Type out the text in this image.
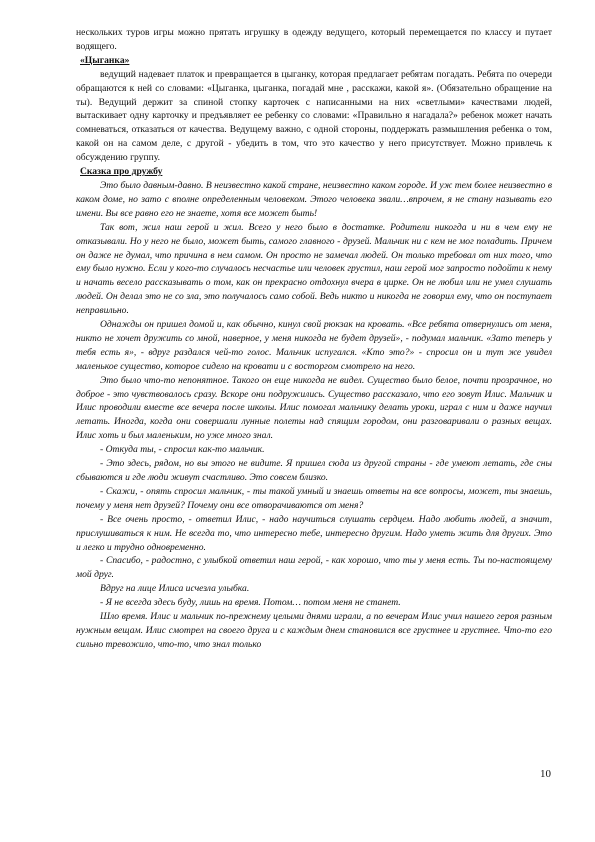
нескольких туров игры можно прятать игрушку в одежду ведущего, который перемещается по классу и путает водящего.

«Цыганка»

ведущий надевает платок и превращается в цыганку, которая предлагает ребятам погадать. Ребята по очереди обращаются к ней со словами: «Цыганка, цыганка, погадай мне , расскажи, какой я». (Обязательно обращение на ты). Ведущий держит за спиной стопку карточек с написанными на них «светлыми» качествами людей, вытаскивает одну карточку и предъявляет ее ребенку со словами: «Правильно я нагадала?» ребенок может начать сомневаться, отказаться от качества. Ведущему важно, с одной стороны, поддержать размышления ребенка о том, какой он на самом деле, с другой - убедить в том, что это качество у него присутствует. Можно привлечь к обсуждению группу.

Сказка про дружбу

Это было давным-давно. В неизвестно какой стране, неизвестно каком городе. И уж тем более неизвестно в каком доме, но зато с вполне определенным человеком. Этого человека звали…впрочем, я не стану называть его имени. Вы все равно его не знаете, хотя все может быть!

Так вот, жил наш герой и жил. Всего у него было в достатке. Родители никогда и ни в чем ему не отказывали. Но у него не было, может быть, самого главного - друзей. Мальчик ни с кем не мог поладить. Причем он даже не думал, что причина в нем самом. Он просто не замечал людей. Он только требовал от них того, что ему было нужно. Если у кого-то случалось несчастье или человек грустил, наш герой мог запросто подойти к нему и начать весело рассказывать о том, как он прекрасно отдохнул вчера в цирке. Он не любил или не умел слушать людей. Он делал это не со зла, это получалось само собой. Ведь никто и никогда не говорил ему, что он поступает неправильно.

Однажды он пришел домой и, как обычно, кинул свой рюкзак на кровать. «Все ребята отвернулись от меня, никто не хочет дружить со мной, наверное, у меня никогда не будет друзей», - подумал мальчик. «Зато теперь у тебя есть я», - вдруг раздался чей-то голос. Мальчик испугался. «Кто это?» - спросил он и тут же увидел маленькое существо, которое сидело на кровати и с восторгом смотрело на него.

Это было что-то непонятное. Такого он еще никогда не видел. Существо было белое, почти прозрачное, но доброе - это чувствовалось сразу. Вскоре они подружились. Существо рассказало, что его зовут Илис. Мальчик и Илис проводили вместе все вечера после школы. Илис помогал мальчику делать уроки, играл с ним и даже научил летать. Иногда, когда они совершали лунные полеты над спящим городом, они разговаривали о разных вещах. Илис хоть и был маленьким, но уже много знал.

- Откуда ты, - спросил как-то мальчик.

- Это здесь, рядом, но вы этого не видите. Я пришел сюда из другой страны - где умеют летать, где сны сбываются и где люди живут счастливо. Это совсем близко.

- Скажи, - опять спросил мальчик, - ты такой умный и знаешь ответы на все вопросы, может, ты знаешь, почему у меня нет друзей? Почему они все отворачиваются от меня?

- Все очень просто, - ответил Илис, - надо научиться слушать сердцем. Надо любить людей, а значит, прислушиваться к ним. Не всегда то, что интересно тебе, интересно другим. Надо уметь жить для других. Это и легко и трудно одновременно.

- Спасибо, - радостно, с улыбкой ответил наш герой, - как хорошо, что ты у меня есть. Ты по-настоящему мой друг.

Вдруг на лице Илиса исчезла улыбка.

- Я не всегда здесь буду, лишь на время. Потом… потом меня не станет.

Шло время. Илис и мальчик по-прежнему целыми днями играли, а по вечерам Илис учил нашего героя разным нужным вещам. Илис смотрел на своего друга и с каждым днем становился все грустнее и грустнее. Что-то его сильно тревожило, что-то, что знал только

10
